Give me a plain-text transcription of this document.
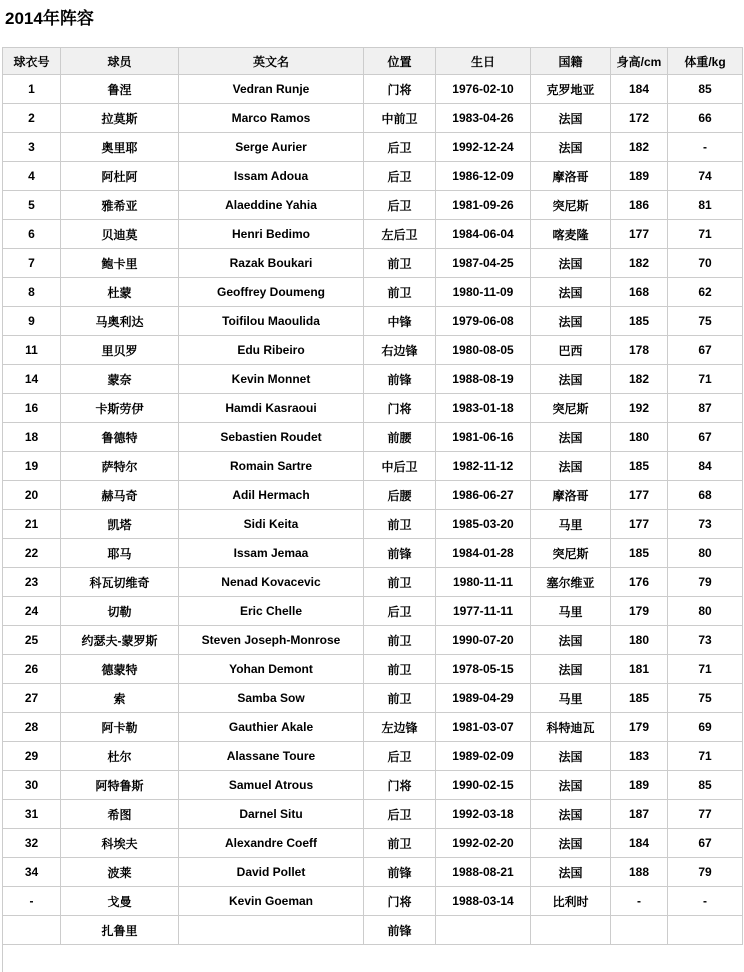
2014年阵容
球衣号	球员	英文名	位置	生日	国籍	身高/cm	体重/kg
1	鲁涅	Vedran Runje	门将	1976-02-10	克罗地亚	184	85
2	拉莫斯	Marco Ramos	中前卫	1983-04-26	法国	172	66
3	奥里耶	Serge Aurier	后卫	1992-12-24	法国	182	-
4	阿杜阿	Issam Adoua	后卫	1986-12-09	摩洛哥	189	74
5	雅希亚	Alaeddine Yahia	后卫	1981-09-26	突尼斯	186	81
6	贝迪莫	Henri Bedimo	左后卫	1984-06-04	喀麦隆	177	71
7	鲍卡里	Razak Boukari	前卫	1987-04-25	法国	182	70
8	杜蒙	Geoffrey Doumeng	前卫	1980-11-09	法国	168	62
9	马奥利达	Toifilou Maoulida	中锋	1979-06-08	法国	185	75
11	里贝罗	Edu Ribeiro	右边锋	1980-08-05	巴西	178	67
14	蒙奈	Kevin Monnet	前锋	1988-08-19	法国	182	71
16	卡斯劳伊	Hamdi Kasraoui	门将	1983-01-18	突尼斯	192	87
18	鲁德特	Sebastien Roudet	前腰	1981-06-16	法国	180	67
19	萨特尔	Romain Sartre	中后卫	1982-11-12	法国	185	84
20	赫马奇	Adil Hermach	后腰	1986-06-27	摩洛哥	177	68
21	凯塔	Sidi Keita	前卫	1985-03-20	马里	177	73
22	耶马	Issam Jemaa	前锋	1984-01-28	突尼斯	185	80
23	科瓦切维奇	Nenad Kovacevic	前卫	1980-11-11	塞尔维亚	176	79
24	切勒	Eric Chelle	后卫	1977-11-11	马里	179	80
25	约瑟夫-蒙罗斯	Steven Joseph-Monrose	前卫	1990-07-20	法国	180	73
26	德蒙特	Yohan Demont	前卫	1978-05-15	法国	181	71
27	索	Samba Sow	前卫	1989-04-29	马里	185	75
28	阿卡勒	Gauthier Akale	左边锋	1981-03-07	科特迪瓦	179	69
29	杜尔	Alassane Toure	后卫	1989-02-09	法国	183	71
30	阿特鲁斯	Samuel Atrous	门将	1990-02-15	法国	189	85
31	希图	Darnel Situ	后卫	1992-03-18	法国	187	77
32	科埃夫	Alexandre Coeff	前卫	1992-02-20	法国	184	67
34	波莱	David Pollet	前锋	1988-08-21	法国	188	79
-	戈曼	Kevin Goeman	门将	1988-03-14	比利时	-	-
	扎鲁里		前锋				
